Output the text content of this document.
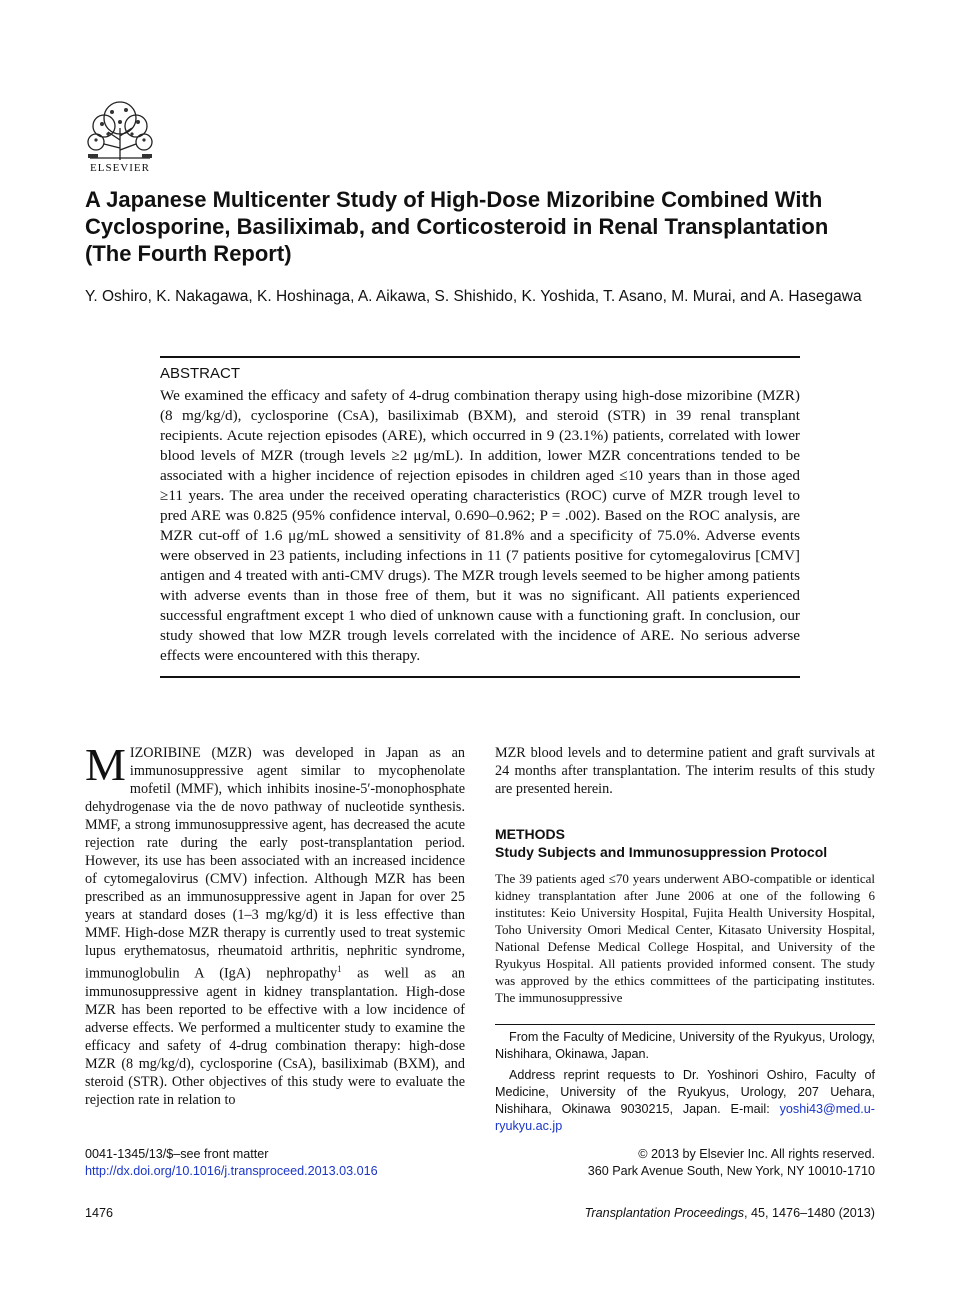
ELSEVIER
A Japanese Multicenter Study of High-Dose Mizoribine Combined With Cyclosporine, Basiliximab, and Corticosteroid in Renal Transplantation (The Fourth Report)

Y. Oshiro, K. Nakagawa, K. Hoshinaga, A. Aikawa, S. Shishido, K. Yoshida, T. Asano, M. Murai, and A. Hasegawa

ABSTRACT

We examined the efficacy and safety of 4-drug combination therapy using high-dose mizoribine (MZR) (8 mg/kg/d), cyclosporine (CsA), basiliximab (BXM), and steroid (STR) in 39 renal transplant recipients. Acute rejection episodes (ARE), which occurred in 9 (23.1%) patients, correlated with lower blood levels of MZR (trough levels ≥2 μg/mL). In addition, lower MZR concentrations tended to be associated with a higher incidence of rejection episodes in children aged ≤10 years than in those aged ≥11 years. The area under the received operating characteristics (ROC) curve of MZR trough level to pred ARE was 0.825 (95% confidence interval, 0.690–0.962; P = .002). Based on the ROC analysis, are MZR cut-off of 1.6 μg/mL showed a sensitivity of 81.8% and a specificity of 75.0%. Adverse events were observed in 23 patients, including infections in 11 (7 patients positive for cytomegalovirus [CMV] antigen and 4 treated with anti-CMV drugs). The MZR trough levels seemed to be higher among patients with adverse events than in those free of them, but it was no significant. All patients experienced successful engraftment except 1 who died of unknown cause with a functioning graft. In conclusion, our study showed that low MZR trough levels correlated with the incidence of ARE. No serious adverse effects were encountered with this therapy.

MIZORIBINE (MZR) was developed in Japan as an immunosuppressive agent similar to mycophenolate mofetil (MMF), which inhibits inosine-5′-monophosphate dehydrogenase via the de novo pathway of nucleotide synthesis. MMF, a strong immunosuppressive agent, has decreased the acute rejection rate during the early post-transplantation period. However, its use has been associated with an increased incidence of cytomegalovirus (CMV) infection. Although MZR has been prescribed as an immunosuppressive agent in Japan for over 25 years at standard doses (1–3 mg/kg/d) it is less effective than MMF. High-dose MZR therapy is currently used to treat systemic lupus erythematosus, rheumatoid arthritis, nephritic syndrome, immunoglobulin A (IgA) nephropathy$^1$ as well as an immunosuppressive agent in kidney transplantation. High-dose MZR has been reported to be effective with a low incidence of adverse effects. We performed a multicenter study to examine the efficacy and safety of 4-drug combination therapy: high-dose MZR (8 mg/kg/d), cyclosporine (CsA), basiliximab (BXM), and steroid (STR). Other objectives of this study were to evaluate the rejection rate in relation to

MZR blood levels and to determine patient and graft survivals at 24 months after transplantation. The interim results of this study are presented herein.

METHODS
Study Subjects and Immunosuppression Protocol

The 39 patients aged ≤70 years underwent ABO-compatible or identical kidney transplantation after June 2006 at one of the following 6 institutes: Keio University Hospital, Fujita Health University Hospital, Toho University Omori Medical Center, Kitasato University Hospital, National Defense Medical College Hospital, and University of the Ryukyus Hospital. All patients provided informed consent. The study was approved by the ethics committees of the participating institutes. The immunosuppressive

From the Faculty of Medicine, University of the Ryukyus, Urology, Nishihara, Okinawa, Japan.

Address reprint requests to Dr. Yoshinori Oshiro, Faculty of Medicine, University of the Ryukyus, Urology, 207 Uehara, Nishihara, Okinawa 9030215, Japan. E-mail: yoshi43@med.u-ryukyu.ac.jp

0041-1345/13/$–see front matter
http://dx.doi.org/10.1016/j.transproceed.2013.03.016
© 2013 by Elsevier Inc. All rights reserved.
360 Park Avenue South, New York, NY 10010-1710
1476	Transplantation Proceedings, 45, 1476–1480 (2013)
